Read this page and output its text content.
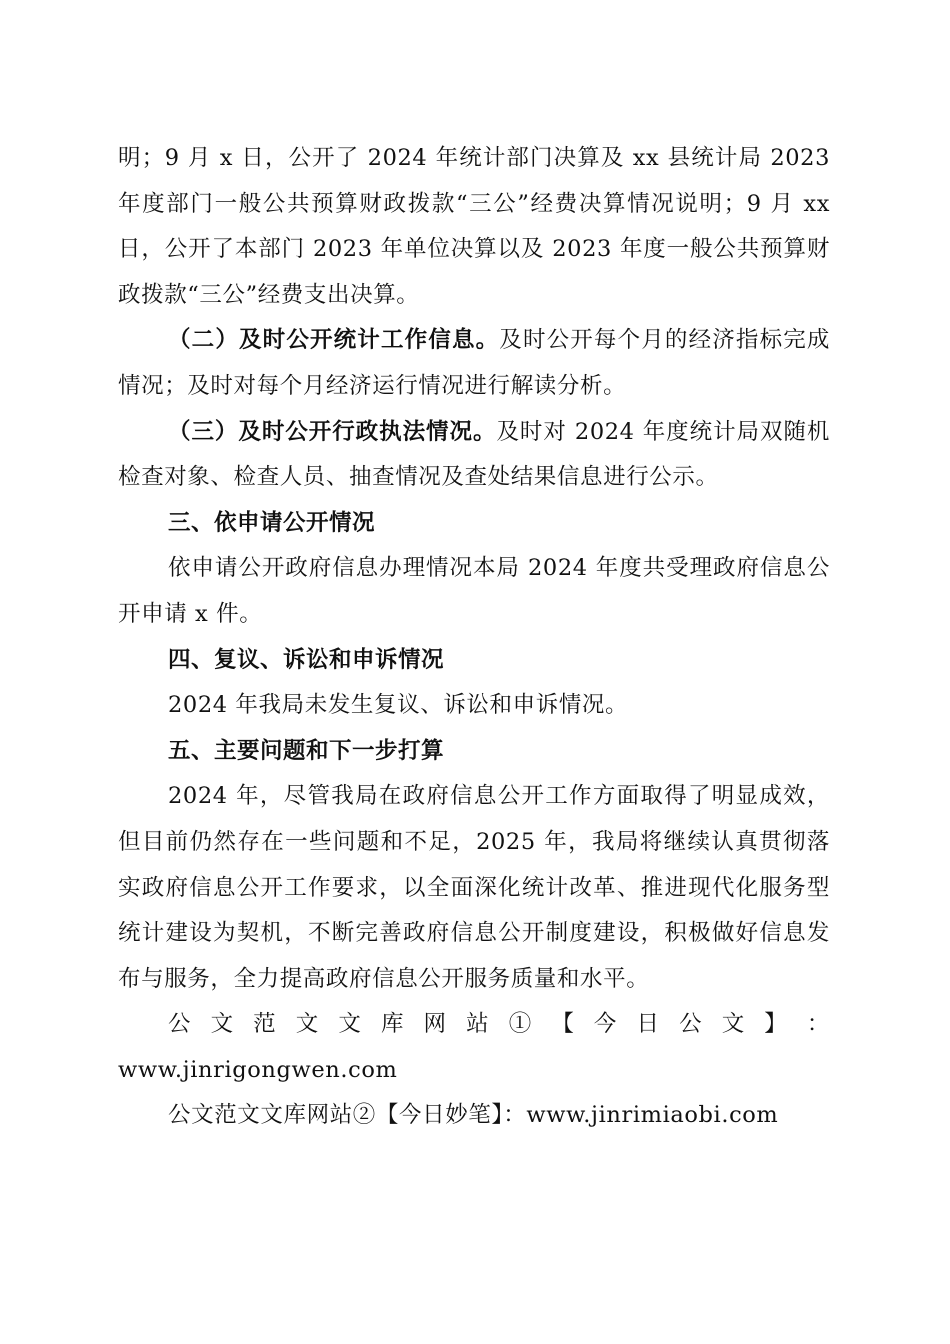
明；9 月 x 日，公开了 2024 年统计部门决算及 xx 县统计局 2023 年度部门一般公共预算财政拨款“三公”经费决算情况说明；9 月 xx 日，公开了本部门 2023 年单位决算以及 2023 年度一般公共预算财政拨款“三公”经费支出决算。

（二）及时公开统计工作信息。及时公开每个月的经济指标完成情况；及时对每个月经济运行情况进行解读分析。

（三）及时公开行政执法情况。及时对 2024 年度统计局双随机检查对象、检查人员、抽查情况及查处结果信息进行公示。

三、依申请公开情况

依申请公开政府信息办理情况本局 2024 年度共受理政府信息公开申请 x 件。

四、复议、诉讼和申诉情况

2024 年我局未发生复议、诉讼和申诉情况。

五、主要问题和下一步打算

2024 年，尽管我局在政府信息公开工作方面取得了明显成效，但目前仍然存在一些问题和不足，2025 年，我局将继续认真贯彻落实政府信息公开工作要求，以全面深化统计改革、推进现代化服务型统计建设为契机，不断完善政府信息公开制度建设，积极做好信息发布与服务，全力提高政府信息公开服务质量和水平。

公 文 范 文 文 库 网 站 ① 【 今 日 公 文 】 ：

www.jinrigongwen.com

公文范文文库网站②【今日妙笔】：www.jinrimiaobi.com
